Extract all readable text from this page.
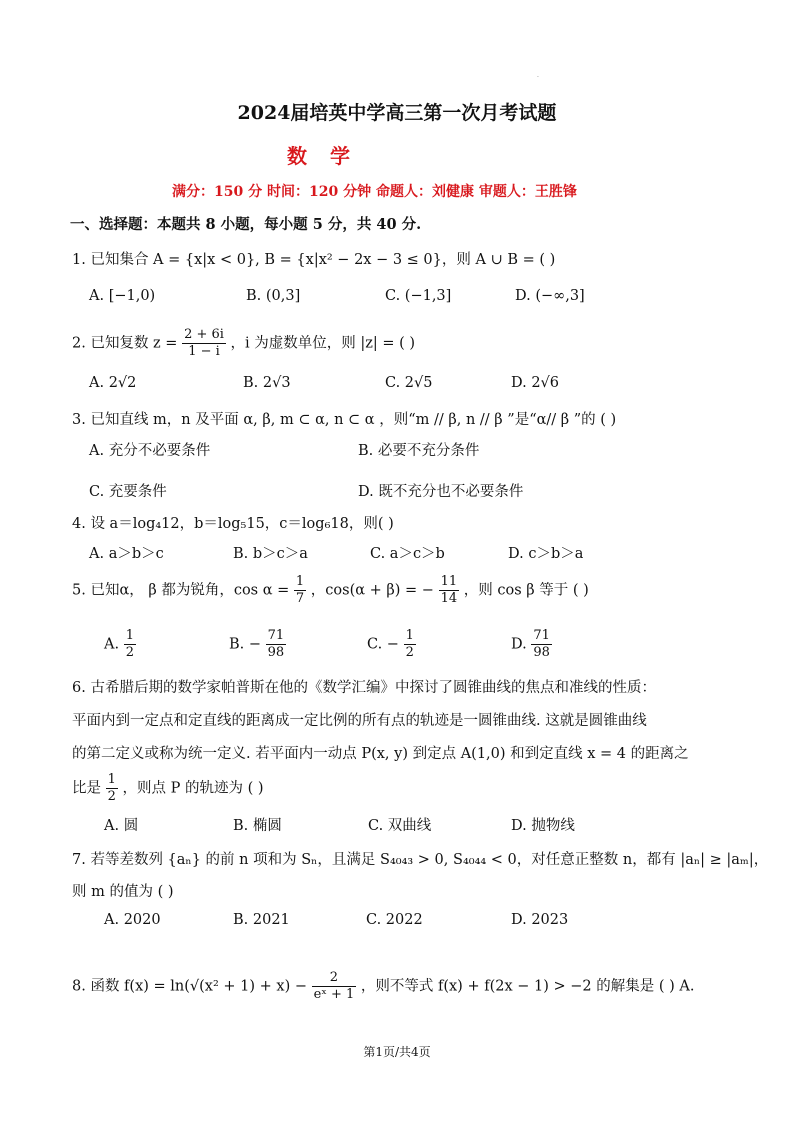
.
2024届培英中学高三第一次月考试题
数 学
满分：150 分 时间：120 分钟 命题人：刘健康 审题人：王胜锋
一、选择题：本题共 8 小题，每小题 5 分，共 40 分.
1. 已知集合 A = {x|x < 0}, B = {x|x² − 2x − 3 ≤ 0}，则 A ∪ B = ( )
A. [−1,0)	B. (0,3]	C. (−1,3]	D. (−∞,3]
2. 已知复数 $z = \frac{2 + 6i}{1 - i}$ ，i 为虚数单位，则 |z| = ( )
A. 2√2	B. 2√3	C. 2√5	D. 2√6
3. 已知直线 m，n 及平面 α, β, m ⊂ α, n ⊂ α ，则“m // β, n // β ”是“α// β ”的 ( )
A. 充分不必要条件	B. 必要不充分条件
C. 充要条件	D. 既不充分也不必要条件
4. 设 a＝log₄12，b＝log₅15，c＝log₆18，则( )
A. a＞b＞c	B. b＞c＞a	C. a＞c＞b	D. c＞b＞a
5. 已知α， β 都为锐角，$\cos \alpha = \frac{1}{7}$ ，cos(α + β) = − $\frac{11}{14}$ ，则 cos β 等于 ( )
A. $\frac{1}{2}$	B. − $\frac{71}{98}$	C. − $\frac{1}{2}$	D. $\frac{71}{98}$
6. 古希腊后期的数学家帕普斯在他的《数学汇编》中探讨了圆锥曲线的焦点和准线的性质：
平面内到一定点和定直线的距离成一定比例的所有点的轨迹是一圆锥曲线. 这就是圆锥曲线
的第二定义或称为统一定义. 若平面内一动点 P(x, y) 到定点 A(1,0) 和到定直线 x = 4 的距离之
比是 $\frac{1}{2}$ ，则点 P 的轨迹为 ( )
A. 圆	B. 椭圆	C. 双曲线	D. 抛物线
7. 若等差数列 {aₙ} 的前 n 项和为 Sₙ，且满足 S₄₀₄₃ > 0, S₄₀₄₄ < 0，对任意正整数 n，都有 |aₙ| ≥ |aₘ|，
则 m 的值为 ( )
A. 2020	B. 2021	C. 2022	D. 2023
8. 函数 $f(x) = \ln(√(x^2 + 1) + x) - \frac{2}{\text{eˣ + 1}}$ ，则不等式 f(x) + f(2x − 1) > −2 的解集是 ( ) A.
第1页/共4页
